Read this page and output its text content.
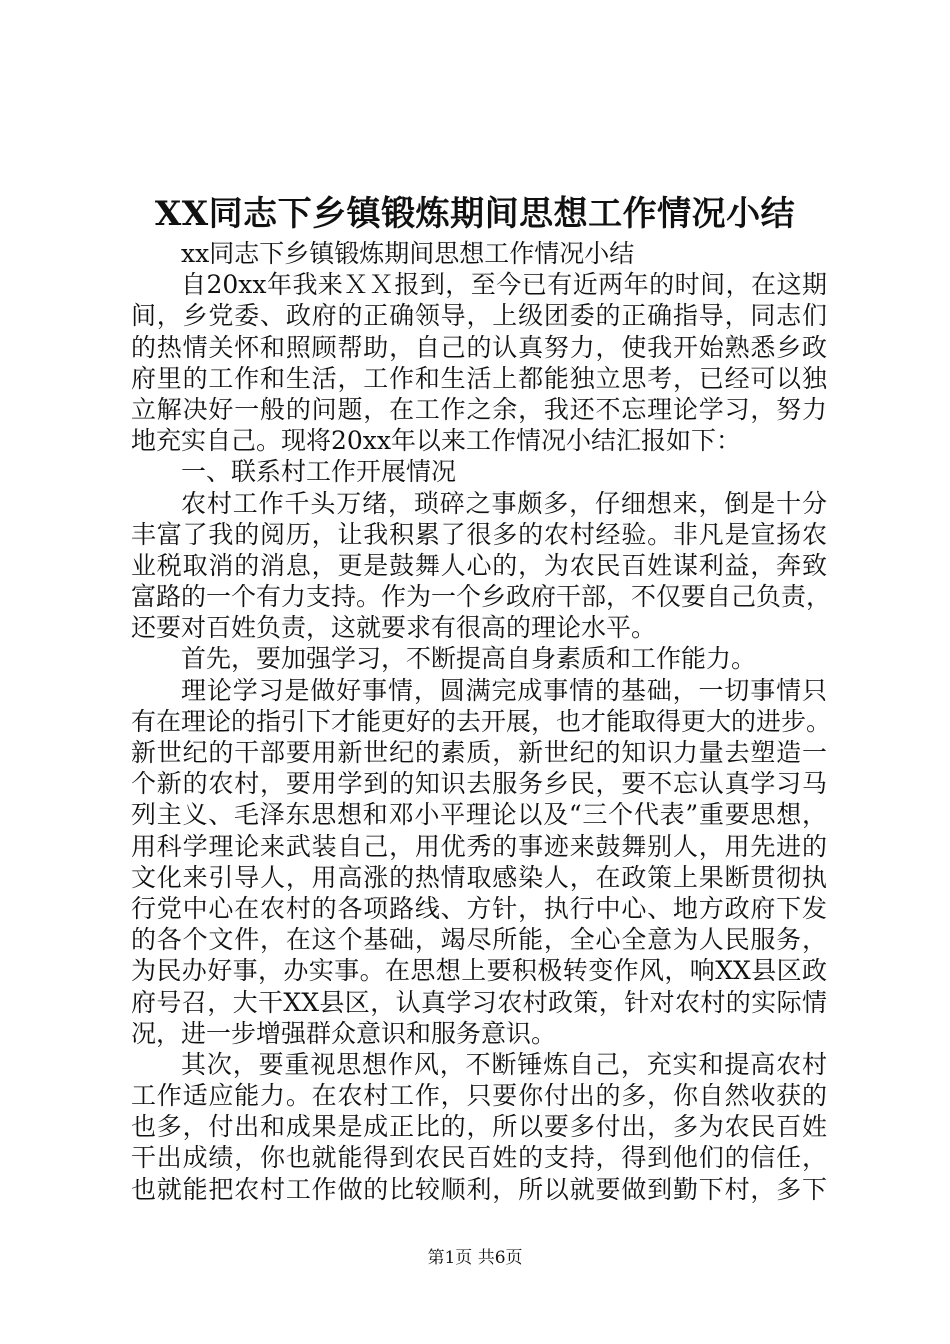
XX同志下乡镇锻炼期间思想工作情况小结
xx同志下乡镇锻炼期间思想工作情况小结
自20xx年我来ＸＸ报到，至今已有近两年的时间，在这期
间，乡党委、政府的正确领导，上级团委的正确指导，同志们
的热情关怀和照顾帮助，自己的认真努力，使我开始熟悉乡政
府里的工作和生活，工作和生活上都能独立思考，已经可以独
立解决好一般的问题，在工作之余，我还不忘理论学习，努力
地充实自己。现将20xx年以来工作情况小结汇报如下：
一、联系村工作开展情况
农村工作千头万绪，琐碎之事颇多，仔细想来，倒是十分
丰富了我的阅历，让我积累了很多的农村经验。非凡是宣扬农
业税取消的消息，更是鼓舞人心的，为农民百姓谋利益，奔致
富路的一个有力支持。作为一个乡政府干部，不仅要自己负责，
还要对百姓负责，这就要求有很高的理论水平。
首先，要加强学习，不断提高自身素质和工作能力。
理论学习是做好事情，圆满完成事情的基础，一切事情只
有在理论的指引下才能更好的去开展，也才能取得更大的进步。
新世纪的干部要用新世纪的素质，新世纪的知识力量去塑造一
个新的农村，要用学到的知识去服务乡民，要不忘认真学习马
列主义、毛泽东思想和邓小平理论以及“三个代表”重要思想，
用科学理论来武装自己，用优秀的事迹来鼓舞别人，用先进的
文化来引导人，用高涨的热情取感染人，在政策上果断贯彻执
行党中心在农村的各项路线、方针，执行中心、地方政府下发
的各个文件，在这个基础，竭尽所能，全心全意为人民服务，
为民办好事，办实事。在思想上要积极转变作风，响XX县区政
府号召，大干XX县区，认真学习农村政策，针对农村的实际情
况，进一步增强群众意识和服务意识。
其次，要重视思想作风，不断锤炼自己，充实和提高农村
工作适应能力。在农村工作，只要你付出的多，你自然收获的
也多，付出和成果是成正比的，所以要多付出，多为农民百姓
干出成绩，你也就能得到农民百姓的支持，得到他们的信任，
也就能把农村工作做的比较顺利，所以就要做到勤下村，多下
第1页 共6页
